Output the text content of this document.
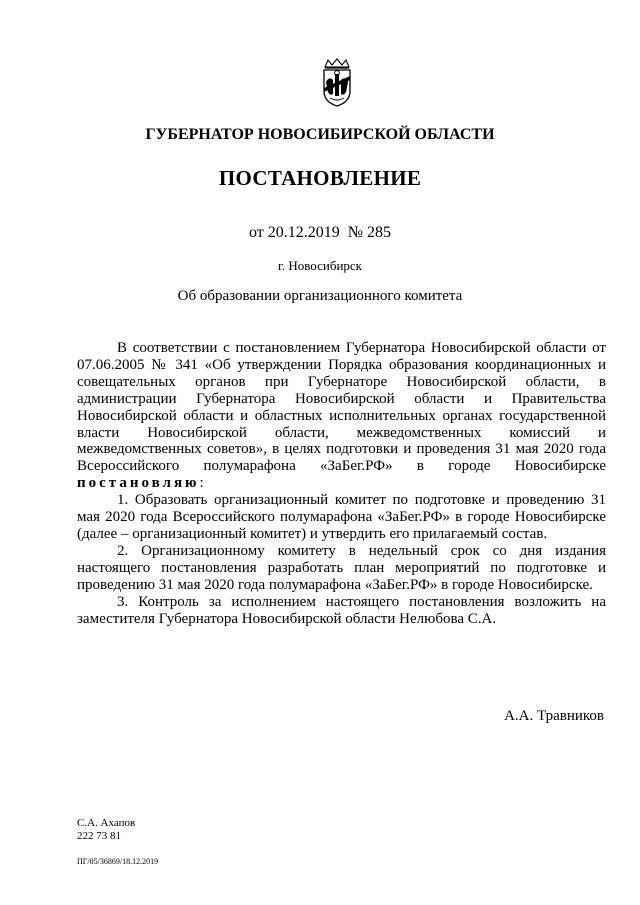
ГУБЕРНАТОР НОВОСИБИРСКОЙ ОБЛАСТИ
ПОСТАНОВЛЕНИЕ
от 20.12.2019  № 285
г. Новосибирск
Об образовании организационного комитета

В соответствии с постановлением Губернатора Новосибирской области от 07.06.2005 № 341 «Об утверждении Порядка образования координационных и совещательных органов при Губернаторе Новосибирской области, в администрации Губернатора Новосибирской области и Правительства Новосибирской области и областных исполнительных органах государственной власти Новосибирской области, межведомственных комиссий и межведомственных советов», в целях подготовки и проведения 31 мая 2020 года Всероссийского полумарафона «ЗаБег.РФ» в городе Новосибирске постановляю:

1. Образовать организационный комитет по подготовке и проведению 31 мая 2020 года Всероссийского полумарафона «ЗаБег.РФ» в городе Новосибирске (далее – организационный комитет) и утвердить его прилагаемый состав.

2. Организационному комитету в недельный срок со дня издания настоящего постановления разработать план мероприятий по подготовке и проведению 31 мая 2020 года полумарафона «ЗаБег.РФ» в городе Новосибирске.

3. Контроль за исполнением настоящего постановления возложить на заместителя Губернатора Новосибирской области Нелюбова С.А.

А.А. Травников
С.А. Ахапов
222 73 81
ПГ/05/36869/18.12.2019
